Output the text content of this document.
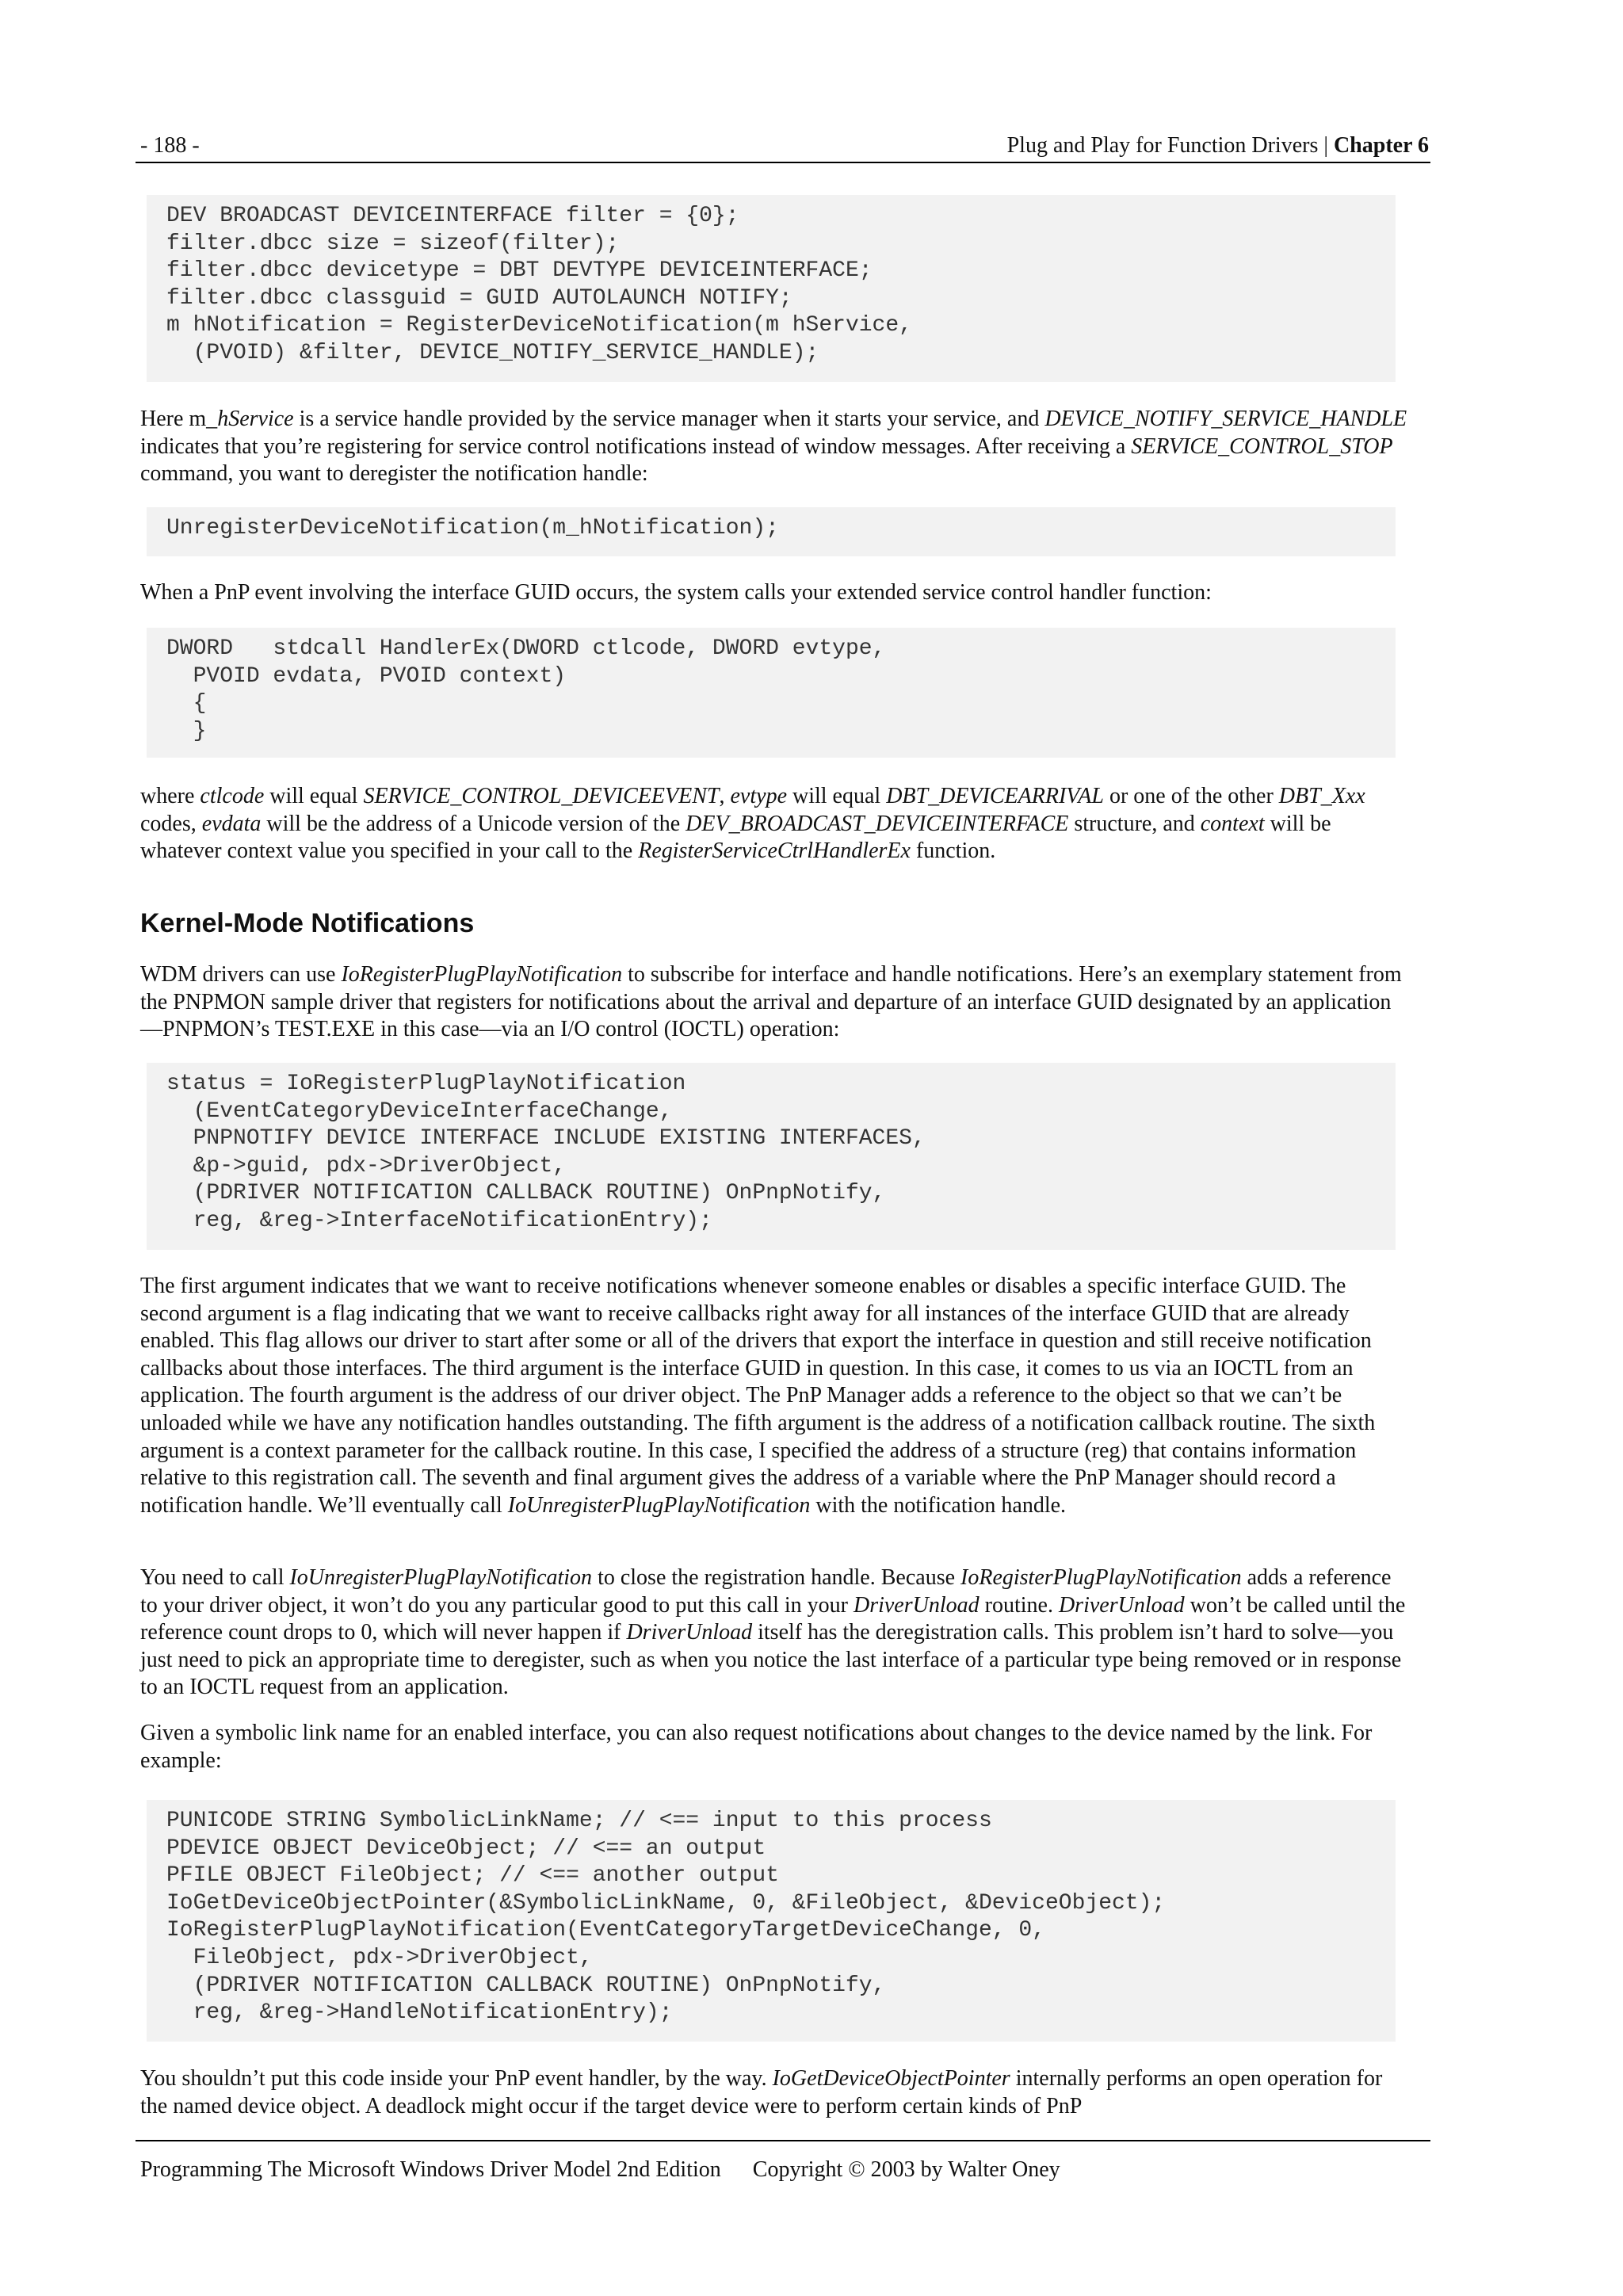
- 188 -	Plug and Play for Function Drivers | Chapter 6
DEV BROADCAST DEVICEINTERFACE filter = {0};
filter.dbcc size = sizeof(filter);
filter.dbcc devicetype = DBT DEVTYPE DEVICEINTERFACE;
filter.dbcc classguid = GUID AUTOLAUNCH NOTIFY;
m hNotification = RegisterDeviceNotification(m hService,
(PVOID) &filter, DEVICE_NOTIFY_SERVICE_HANDLE);
Here m_hService is a service handle provided by the service manager when it starts your service, and DEVICE_NOTIFY_SERVICE_HANDLE indicates that you’re registering for service control notifications instead of window messages. After receiving a SERVICE_CONTROL_STOP command, you want to deregister the notification handle:
UnregisterDeviceNotification(m_hNotification);
When a PnP event involving the interface GUID occurs, the system calls your extended service control handler function:
DWORD   stdcall HandlerEx(DWORD ctlcode, DWORD evtype,
PVOID evdata, PVOID context)
{
}
where ctlcode will equal SERVICE_CONTROL_DEVICEEVENT, evtype will equal DBT_DEVICEARRIVAL or one of the other DBT_Xxx codes, evdata will be the address of a Unicode version of the DEV_BROADCAST_DEVICEINTERFACE structure, and context will be whatever context value you specified in your call to the RegisterServiceCtrlHandlerEx function.
Kernel-Mode Notifications
WDM drivers can use IoRegisterPlugPlayNotification to subscribe for interface and handle notifications. Here’s an exemplary statement from the PNPMON sample driver that registers for notifications about the arrival and departure of an interface GUID designated by an application—PNPMON’s TEST.EXE in this case—via an I/O control (IOCTL) operation:
status = IoRegisterPlugPlayNotification
(EventCategoryDeviceInterfaceChange,
PNPNOTIFY DEVICE INTERFACE INCLUDE EXISTING INTERFACES,
&p->guid, pdx->DriverObject,
(PDRIVER NOTIFICATION CALLBACK ROUTINE) OnPnpNotify,
reg, &reg->InterfaceNotificationEntry);
The first argument indicates that we want to receive notifications whenever someone enables or disables a specific interface GUID. The second argument is a flag indicating that we want to receive callbacks right away for all instances of the interface GUID that are already enabled. This flag allows our driver to start after some or all of the drivers that export the interface in question and still receive notification callbacks about those interfaces. The third argument is the interface GUID in question. In this case, it comes to us via an IOCTL from an application. The fourth argument is the address of our driver object. The PnP Manager adds a reference to the object so that we can’t be unloaded while we have any notification handles outstanding. The fifth argument is the address of a notification callback routine. The sixth argument is a context parameter for the callback routine. In this case, I specified the address of a structure (reg) that contains information relative to this registration call. The seventh and final argument gives the address of a variable where the PnP Manager should record a notification handle. We’ll eventually call IoUnregisterPlugPlayNotification with the notification handle.
You need to call IoUnregisterPlugPlayNotification to close the registration handle. Because IoRegisterPlugPlayNotification adds a reference to your driver object, it won’t do you any particular good to put this call in your DriverUnload routine. DriverUnload won’t be called until the reference count drops to 0, which will never happen if DriverUnload itself has the deregistration calls. This problem isn’t hard to solve—you just need to pick an appropriate time to deregister, such as when you notice the last interface of a particular type being removed or in response to an IOCTL request from an application.
Given a symbolic link name for an enabled interface, you can also request notifications about changes to the device named by the link. For example:
PUNICODE STRING SymbolicLinkName; // <== input to this process
PDEVICE OBJECT DeviceObject; // <== an output
PFILE OBJECT FileObject; // <== another output
IoGetDeviceObjectPointer(&SymbolicLinkName, 0, &FileObject, &DeviceObject);
IoRegisterPlugPlayNotification(EventCategoryTargetDeviceChange, 0,
FileObject, pdx->DriverObject,
(PDRIVER NOTIFICATION CALLBACK ROUTINE) OnPnpNotify,
reg, &reg->HandleNotificationEntry);
You shouldn’t put this code inside your PnP event handler, by the way. IoGetDeviceObjectPointer internally performs an open operation for the named device object. A deadlock might occur if the target device were to perform certain kinds of PnP
Programming The Microsoft Windows Driver Model 2nd Edition Copyright © 2003 by Walter Oney
